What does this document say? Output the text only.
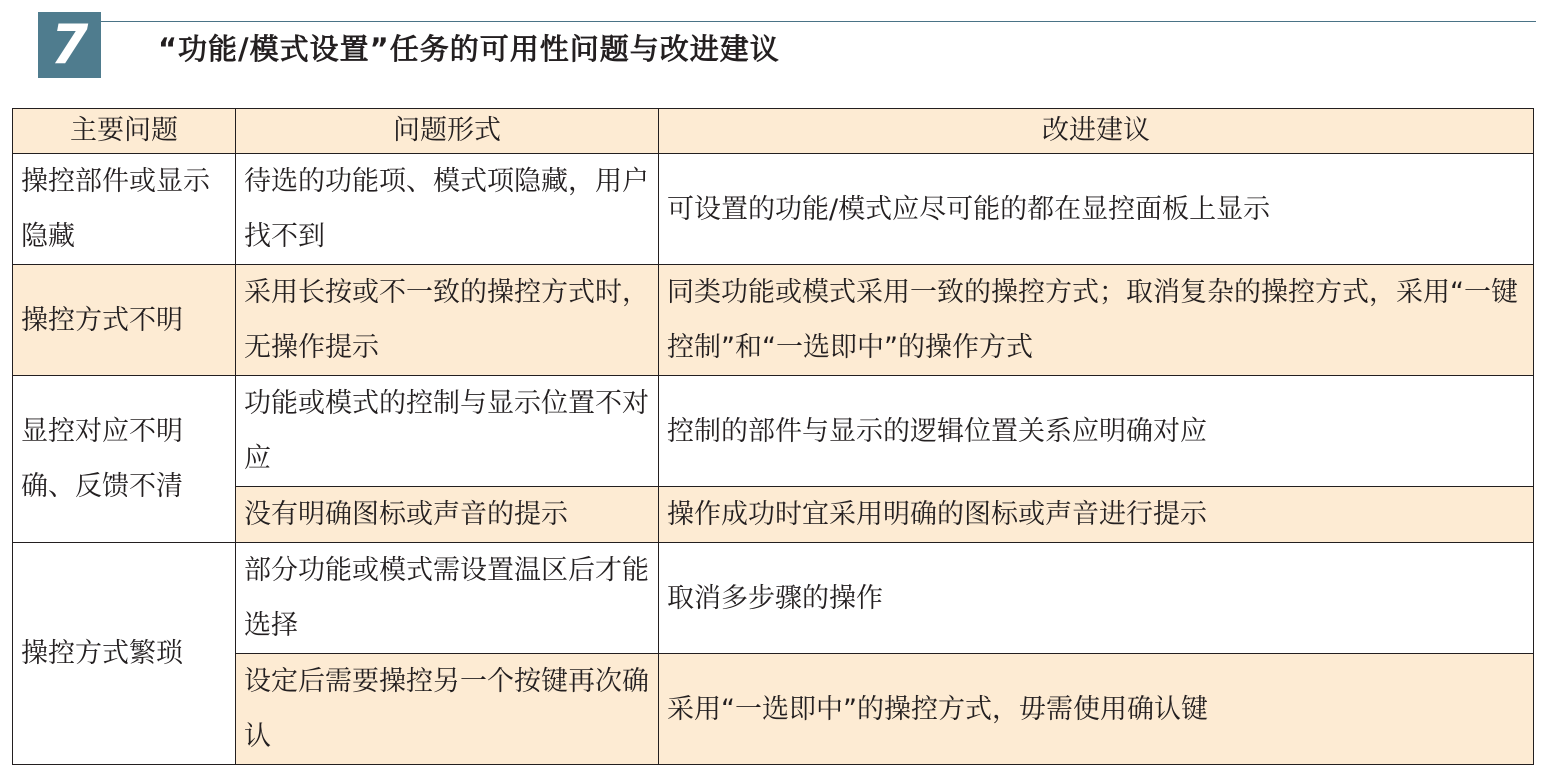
7	“功能/模式设置”任务的可用性问题与改进建议
主要问题	问题形式	改进建议
操控部件或显示隐藏	待选的功能项、模式项隐藏，用户找不到	可设置的功能/模式应尽可能的都在显控面板上显示
操控方式不明	采用长按或不一致的操控方式时，无操作提示	同类功能或模式采用一致的操控方式；取消复杂的操控方式，采用“一键控制”和“一选即中”的操作方式
显控对应不明确、反馈不清	功能或模式的控制与显示位置不对应	控制的部件与显示的逻辑位置关系应明确对应
	没有明确图标或声音的提示	操作成功时宜采用明确的图标或声音进行提示
操控方式繁琐	部分功能或模式需设置温区后才能选择	取消多步骤的操作
	设定后需要操控另一个按键再次确认	采用“一选即中”的操控方式，毋需使用确认键
